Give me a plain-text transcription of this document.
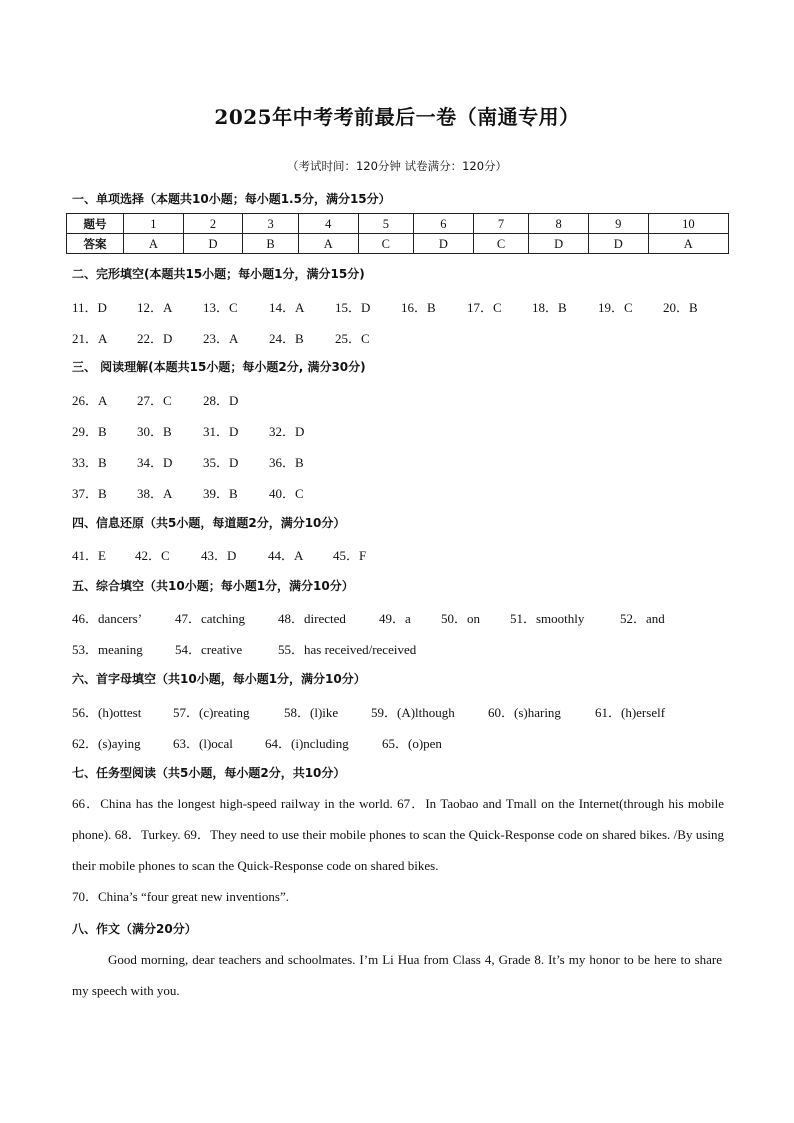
2025年中考考前最后一卷（南通专用）
（考试时间：120分钟 试卷满分：120分）
一、单项选择（本题共10小题；每小题1.5分，满分15分）
题号	1	2	3	4	5	6	7	8	9	10
答案	A	D	B	A	C	D	C	D	D	A
二、完形填空(本题共15小题；每小题1分，满分15分)
11．D 12．A 13．C 14．A 15．D 16．B 17．C 18．B 19．C 20．B
21．A 22．D 23．A 24．B 25．C
三、 阅读理解(本题共15小题；每小题2分, 满分30分)
26．A 27．C 28．D
29．B 30．B 31．D 32．D
33．B 34．D 35．D 36．B
37．B 38．A 39．B 40．C
四、信息还原（共5小题，每道题2分，满分10分）
41．E 42．C 43．D 44．A 45．F
五、综合填空（共10小题；每小题1分，满分10分）
46．dancers’	47．catching	48．directed	49．a 50．on 51．smoothly	52．and
53．meaning 54．creative	55．has received/received
六、首字母填空（共10小题，每小题1分，满分10分）
56．(h)ottest 57．(c)reating	58．(l)ike	59．(A)lthough	60．(s)haring	61．(h)erself
62．(s)aying 63．(l)ocal 64．(i)ncluding	65．(o)pen
七、任务型阅读（共5小题，每小题2分，共10分）

66．China has the longest high-speed railway in the world. 67．In Taobao and Tmall on the Internet(through his mobile phone). 68．Turkey. 69．They need to use their mobile phones to scan the Quick-Response code on shared bikes. /By using their mobile phones to scan the Quick-Response code on shared bikes.

70．China’s “four great new inventions”.

八、作文（满分20分）

Good morning, dear teachers and schoolmates. I’m Li Hua from Class 4, Grade 8. It’s my honor to be here to share my speech with you.
